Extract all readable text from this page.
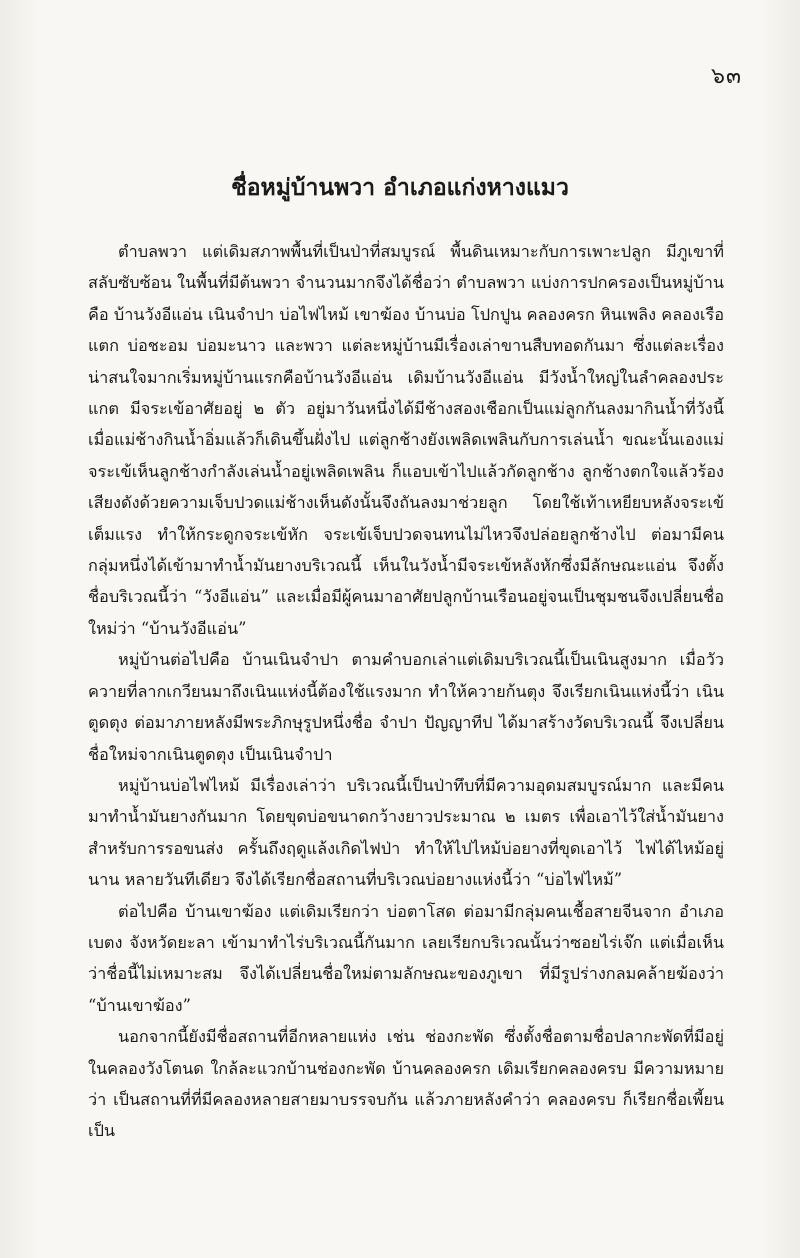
๖๓
ชื่อหมู่บ้านพวา อำเภอแก่งหางแมว

ตำบลพวา แต่เดิมสภาพพื้นที่เป็นป่าที่สมบูรณ์ พื้นดินเหมาะกับการเพาะปลูก มีภูเขาที่สลับซับซ้อน ในพื้นที่มีต้นพวา จำนวนมากจึงได้ชื่อว่า ตำบลพวา แบ่งการปกครองเป็นหมู่บ้าน คือ บ้านวังอีแอ่น เนินจำปา บ่อไฟไหม้ เขาฆ้อง บ้านบ่อ โปกปูน คลองครก หินเพลิง คลองเรือแตก บ่อชะอม บ่อมะนาว และพวา แต่ละหมู่บ้านมีเรื่องเล่าขานสืบทอดกันมา ซึ่งแต่ละเรื่องน่าสนใจมากเริ่มหมู่บ้านแรกคือบ้านวังอีแอ่น เดิมบ้านวังอีแอ่น มีวังน้ำใหญ่ในลำคลองประแกต มีจระเข้อาศัยอยู่ ๒ ตัว อยู่มาวันหนึ่งได้มีช้างสองเชือกเป็นแม่ลูกกันลงมากินน้ำที่วังนี้ เมื่อแม่ช้างกินน้ำอิ่มแล้วก็เดินขึ้นฝั่งไป แต่ลูกช้างยังเพลิดเพลินกับการเล่นน้ำ ขณะนั้นเองแม่จระเข้เห็นลูกช้างกำลังเล่นน้ำอยู่เพลิดเพลิน ก็แอบเข้าไปแล้วกัดลูกช้าง ลูกช้างตกใจแล้วร้องเสียงดังด้วยความเจ็บปวดแม่ช้างเห็นดังนั้นจึงถันลงมาช่วยลูก โดยใช้เท้าเหยียบหลังจระเข้เต็มแรง ทำให้กระดูกจระเข้หัก จระเข้เจ็บปวดจนทนไม่ไหวจึงปล่อยลูกช้างไป ต่อมามีคนกลุ่มหนึ่งได้เข้ามาทำน้ำมันยางบริเวณนี้ เห็นในวังน้ำมีจระเข้หลังหักซึ่งมีลักษณะแอ่น จึงตั้งชื่อบริเวณนี้ว่า “วังอีแอ่น” และเมื่อมีผู้คนมาอาศัยปลูกบ้านเรือนอยู่จนเป็นชุมชนจึงเปลี่ยนชื่อใหม่ว่า “บ้านวังอีแอ่น”

หมู่บ้านต่อไปคือ บ้านเนินจำปา ตามคำบอกเล่าแต่เดิมบริเวณนี้เป็นเนินสูงมาก เมื่อวัวควายที่ลากเกวียนมาถึงเนินแห่งนี้ต้องใช้แรงมาก ทำให้ควายก้นตุง จึงเรียกเนินแห่งนี้ว่า เนินตูดตุง ต่อมาภายหลังมีพระภิกษุรูปหนึ่งชื่อ จำปา ปัญญาทีป ได้มาสร้างวัดบริเวณนี้ จึงเปลี่ยนชื่อใหม่จากเนินตูดตุง เป็นเนินจำปา

หมู่บ้านบ่อไฟไหม้ มีเรื่องเล่าว่า บริเวณนี้เป็นป่าทึบที่มีความอุดมสมบูรณ์มาก และมีคนมาทำน้ำมันยางกันมาก โดยขุดบ่อขนาดกว้างยาวประมาณ ๒ เมตร เพื่อเอาไว้ใส่น้ำมันยาง สำหรับการรอขนส่ง ครั้นถึงฤดูแล้งเกิดไฟป่า ทำให้ไปไหม้บ่อยางที่ขุดเอาไว้ ไฟได้ไหม้อยู่นาน หลายวันทีเดียว จึงได้เรียกชื่อสถานที่บริเวณบ่อยางแห่งนี้ว่า “บ่อไฟไหม้”

ต่อไปคือ บ้านเขาฆ้อง แต่เดิมเรียกว่า บ่อตาโสด ต่อมามีกลุ่มคนเชื้อสายจีนจาก อำเภอเบตง จังหวัดยะลา เข้ามาทำไร่บริเวณนี้กันมาก เลยเรียกบริเวณนั้นว่าซอยไร่เจ๊ก แต่เมื่อเห็นว่าชื่อนี้ไม่เหมาะสม จึงได้เปลี่ยนชื่อใหม่ตามลักษณะของภูเขา ที่มีรูปร่างกลมคล้ายฆ้องว่า “บ้านเขาฆ้อง”

นอกจากนี้ยังมีชื่อสถานที่อีกหลายแห่ง เช่น ช่องกะพัด ซึ่งตั้งชื่อตามชื่อปลากะพัดที่มีอยู่ ในคลองวังโตนด ใกล้ละแวกบ้านช่องกะพัด บ้านคลองครก เดิมเรียกคลองครบ มีความหมายว่า เป็นสถานที่ที่มีคลองหลายสายมาบรรจบกัน แล้วภายหลังคำว่า คลองครบ ก็เรียกชื่อเพี้ยนเป็น
